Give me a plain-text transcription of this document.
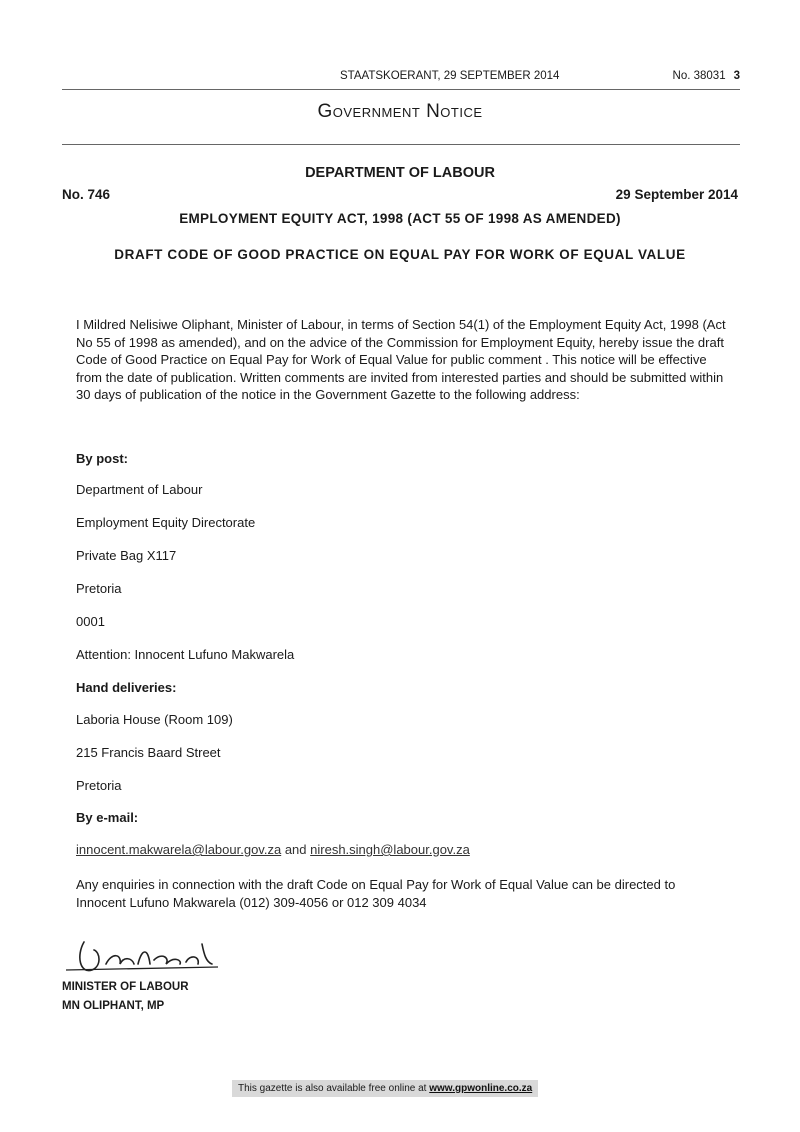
STAATSKOERANT, 29 SEPTEMBER 2014	No. 38031 3
Government Notice
DEPARTMENT OF LABOUR
No. 746	29 September 2014
EMPLOYMENT EQUITY ACT, 1998 (ACT 55 OF 1998 AS AMENDED)
DRAFT CODE OF GOOD PRACTICE ON EQUAL PAY FOR WORK OF EQUAL VALUE
I Mildred Nelisiwe Oliphant, Minister of Labour, in terms of Section 54(1) of the Employment Equity Act, 1998 (Act No 55 of 1998 as amended), and on the advice of the Commission for Employment Equity, hereby issue the draft Code of Good Practice on Equal Pay for Work of Equal Value for public comment . This notice will be effective from the date of publication. Written comments are invited from interested parties and should be submitted within 30 days of publication of the notice in the Government Gazette to the following address:
By post:
Department of Labour
Employment Equity Directorate
Private Bag X117
Pretoria
0001
Attention: Innocent Lufuno Makwarela
Hand deliveries:
Laboria House (Room 109)
215 Francis Baard Street
Pretoria
By e-mail:
innocent.makwarela@labour.gov.za and niresh.singh@labour.gov.za
Any enquiries in connection with the draft Code on Equal Pay for Work of Equal Value can be directed to Innocent Lufuno Makwarela (012) 309-4056 or 012 309 4034
MINISTER OF LABOUR
MN OLIPHANT, MP
This gazette is also available free online at www.gpwonline.co.za
